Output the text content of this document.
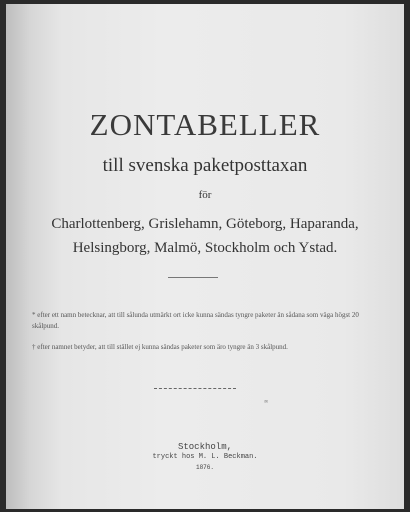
ZONTABELLER
till svenska paketposttaxan
för
Charlottenberg, Grislehamn, Göteborg, Haparanda,
Helsingborg, Malmö, Stockholm och Ystad.
* efter ett namn betecknar, att till sålunda utmärkt ort icke kunna sändas tyngre paketer än sådana som väga högst 20 skålpund.
† efter namnet betyder, att till stället ej kunna sändas paketer som äro tyngre än 3 skålpund.
∞
Stockholm,
tryckt hos M. L. Beckman.
1876.
